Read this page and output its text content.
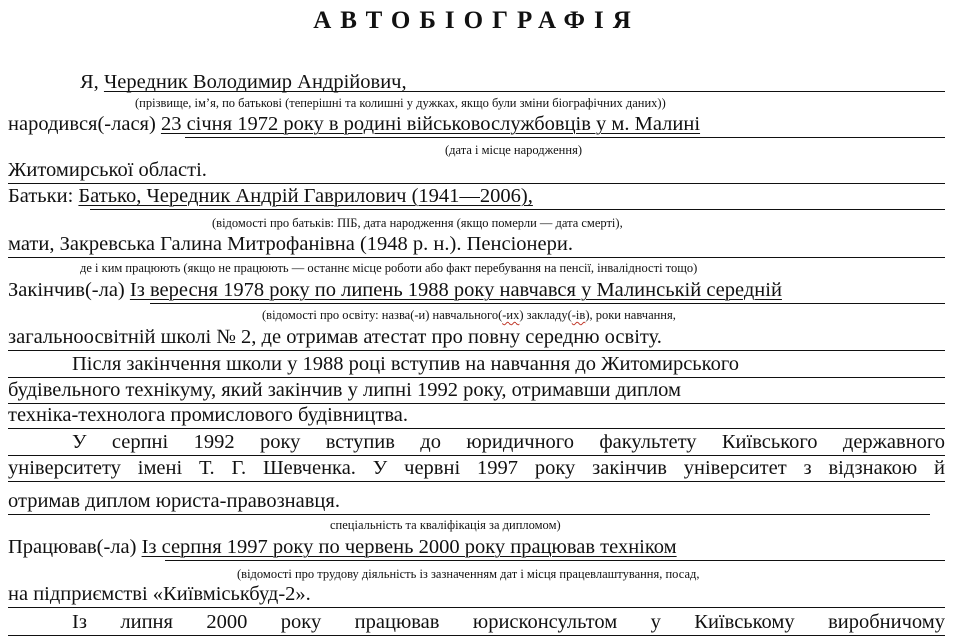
АВТОБІОГРАФІЯ
Я, Чередник Володимир Андрійович,
(прізвище, ім’я, по батькові (теперішні та колишні у дужках, якщо були зміни біографічних даних))
народився(-лася) 23 січня 1972 року в родині військовослужбовців у м. Малині
(дата і місце народження)
Житомирської області.
Батьки: Батько, Чередник Андрій Гаврилович (1941—2006),
(відомості про батьків: ПІБ, дата народження (якщо померли — дата смерті),
мати, Закревська Галина Митрофанівна (1948 р. н.). Пенсіонери.
де і ким працюють (якщо не працюють — останнє місце роботи або факт перебування на пенсії, інвалідності тощо)
Закінчив(-ла) Із вересня 1978 року по липень 1988 року навчався у Малинській середній
(відомості про освіту: назва(-и) навчального(-их) закладу(-ів), роки навчання,
загальноосвітній школі № 2, де отримав атестат про повну середню освіту.
Після закінчення школи у 1988 році вступив на навчання до Житомирського
будівельного технікуму, який закінчив у липні 1992 року, отримавши диплом
техніка-технолога промислового будівництва.
У серпні 1992 року вступив до юридичного факультету Київського державного
університету імені Т. Г. Шевченка. У червні 1997 року закінчив університет з відзнакою й
отримав диплом юриста-правознавця.
спеціальність та кваліфікація за дипломом)
Працював(-ла) Із серпня 1997 року по червень 2000 року працював техніком
(відомості про трудову діяльність із зазначенням дат і місця працевлаштування, посад,
на підприємстві «Київміськбуд-2».
Із липня 2000 року працював юрисконсультом у Київському виробничому
